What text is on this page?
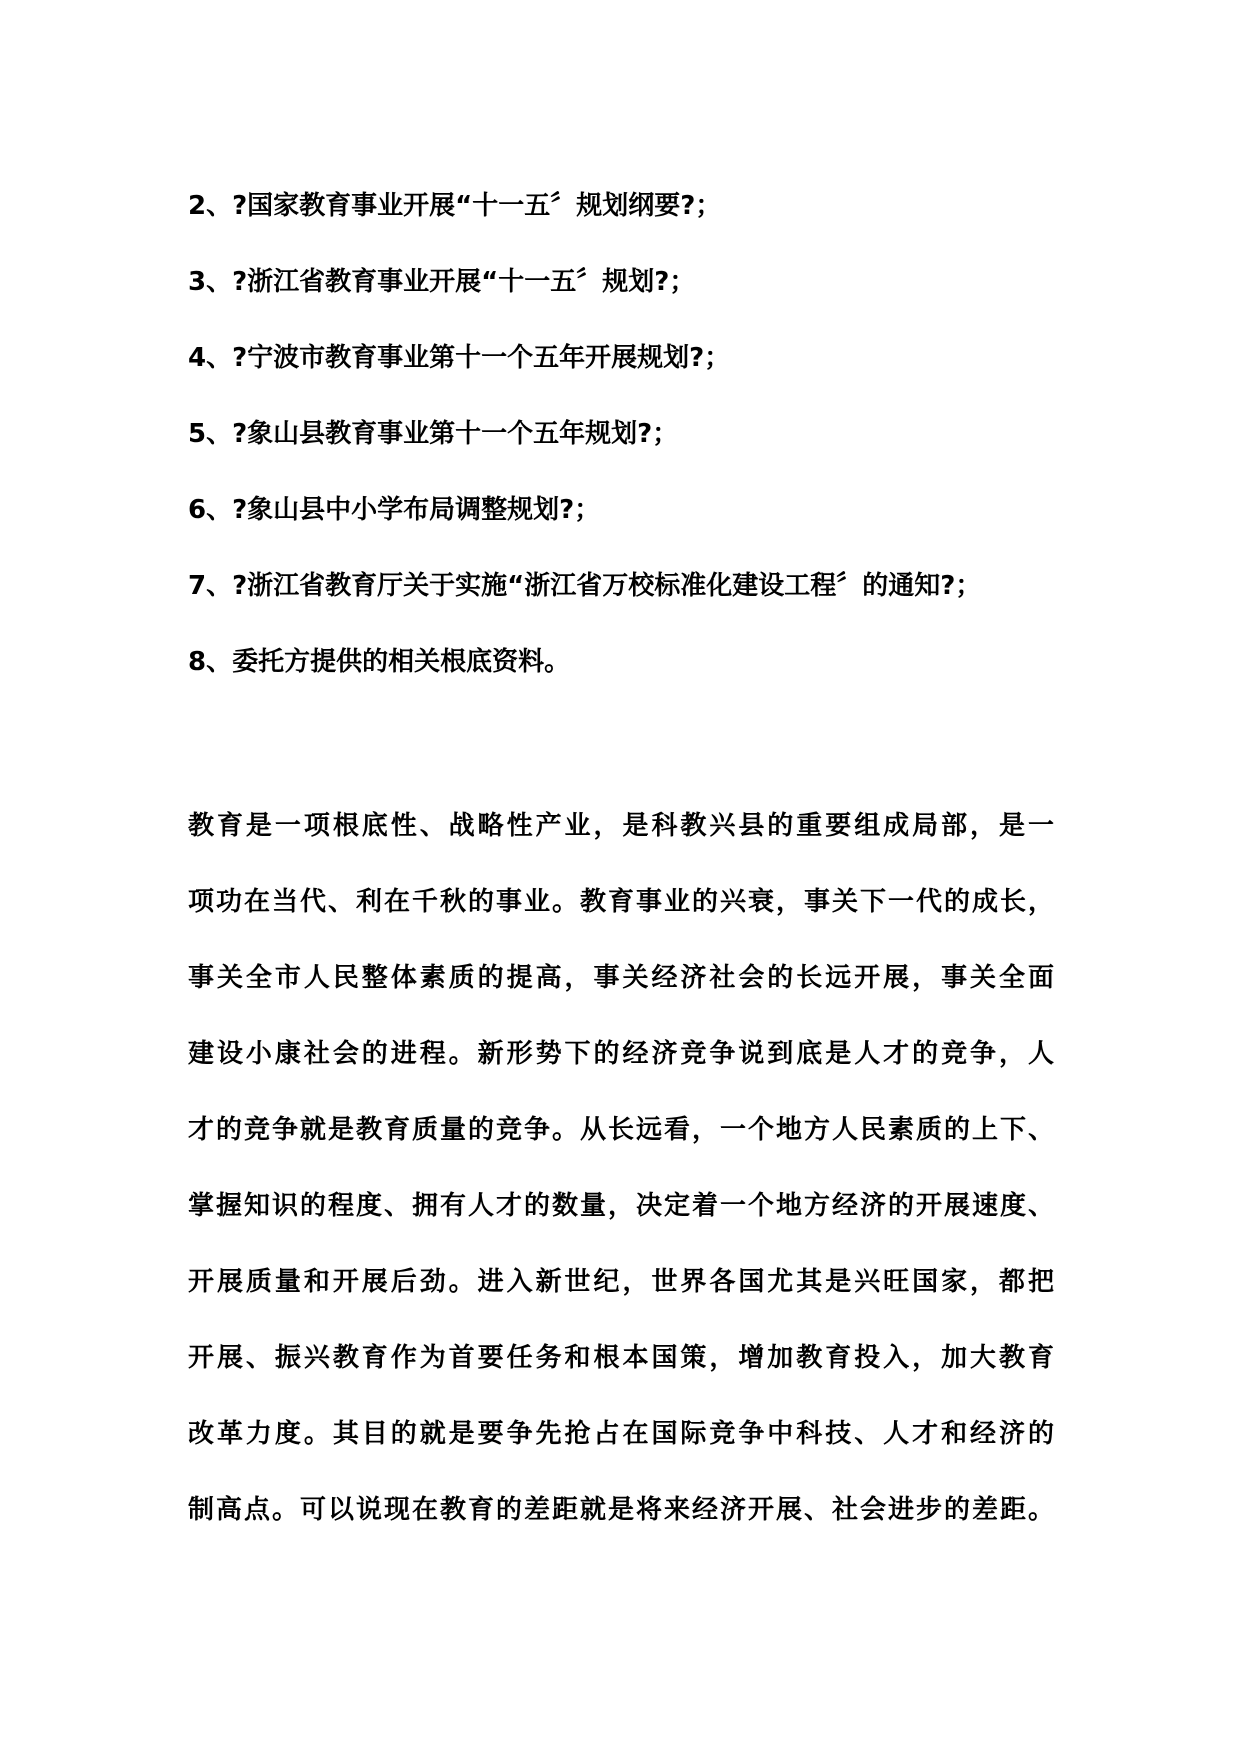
2、?国家教育事业开展“十一五〞规划纲要?；
3、?浙江省教育事业开展“十一五〞规划?；
4、?宁波市教育事业第十一个五年开展规划?；
5、?象山县教育事业第十一个五年规划?；
6、?象山县中小学布局调整规划?；
7、?浙江省教育厅关于实施“浙江省万校标准化建设工程〞的通知?；
8、委托方提供的相关根底资料。
教育是一项根底性、战略性产业，是科教兴县的重要组成局部，是一
项功在当代、利在千秋的事业。教育事业的兴衰，事关下一代的成长，
事关全市人民整体素质的提高，事关经济社会的长远开展，事关全面
建设小康社会的进程。新形势下的经济竞争说到底是人才的竞争，人
才的竞争就是教育质量的竞争。从长远看，一个地方人民素质的上下、
掌握知识的程度、拥有人才的数量，决定着一个地方经济的开展速度、
开展质量和开展后劲。进入新世纪，世界各国尤其是兴旺国家，都把
开展、振兴教育作为首要任务和根本国策，增加教育投入，加大教育
改革力度。其目的就是要争先抢占在国际竞争中科技、人才和经济的
制高点。可以说现在教育的差距就是将来经济开展、社会进步的差距。
